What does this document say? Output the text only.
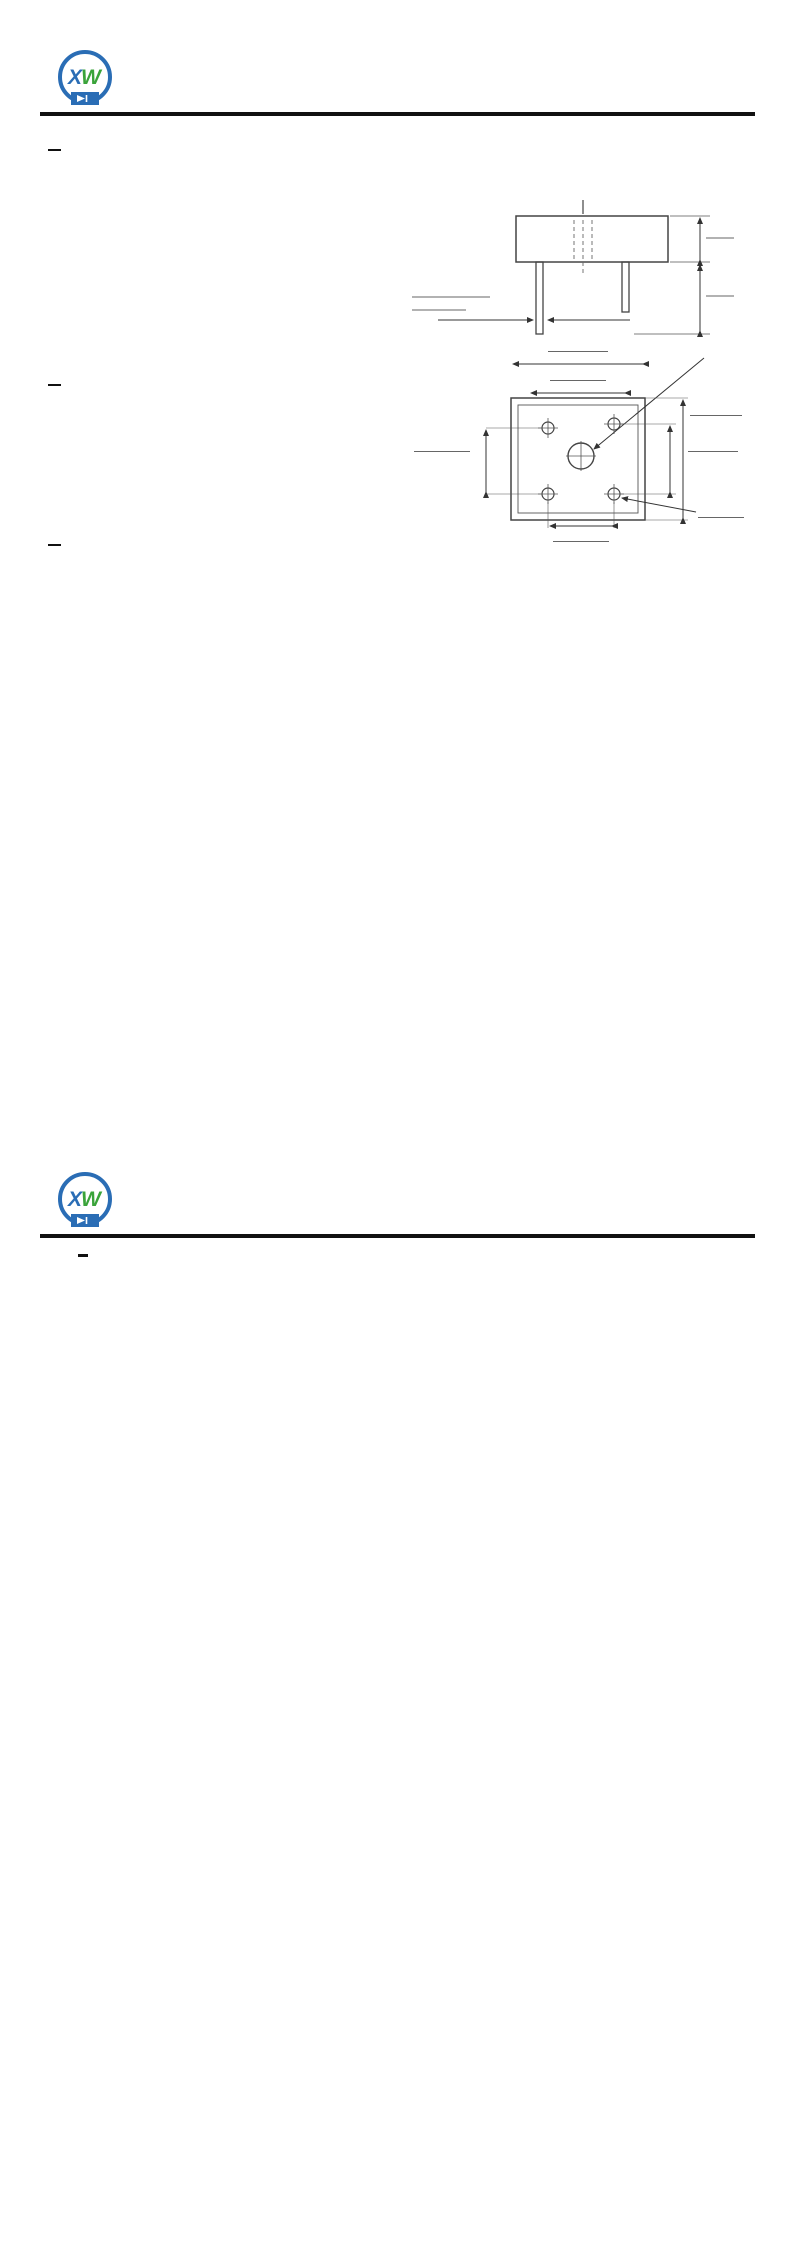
X
W
X
W
